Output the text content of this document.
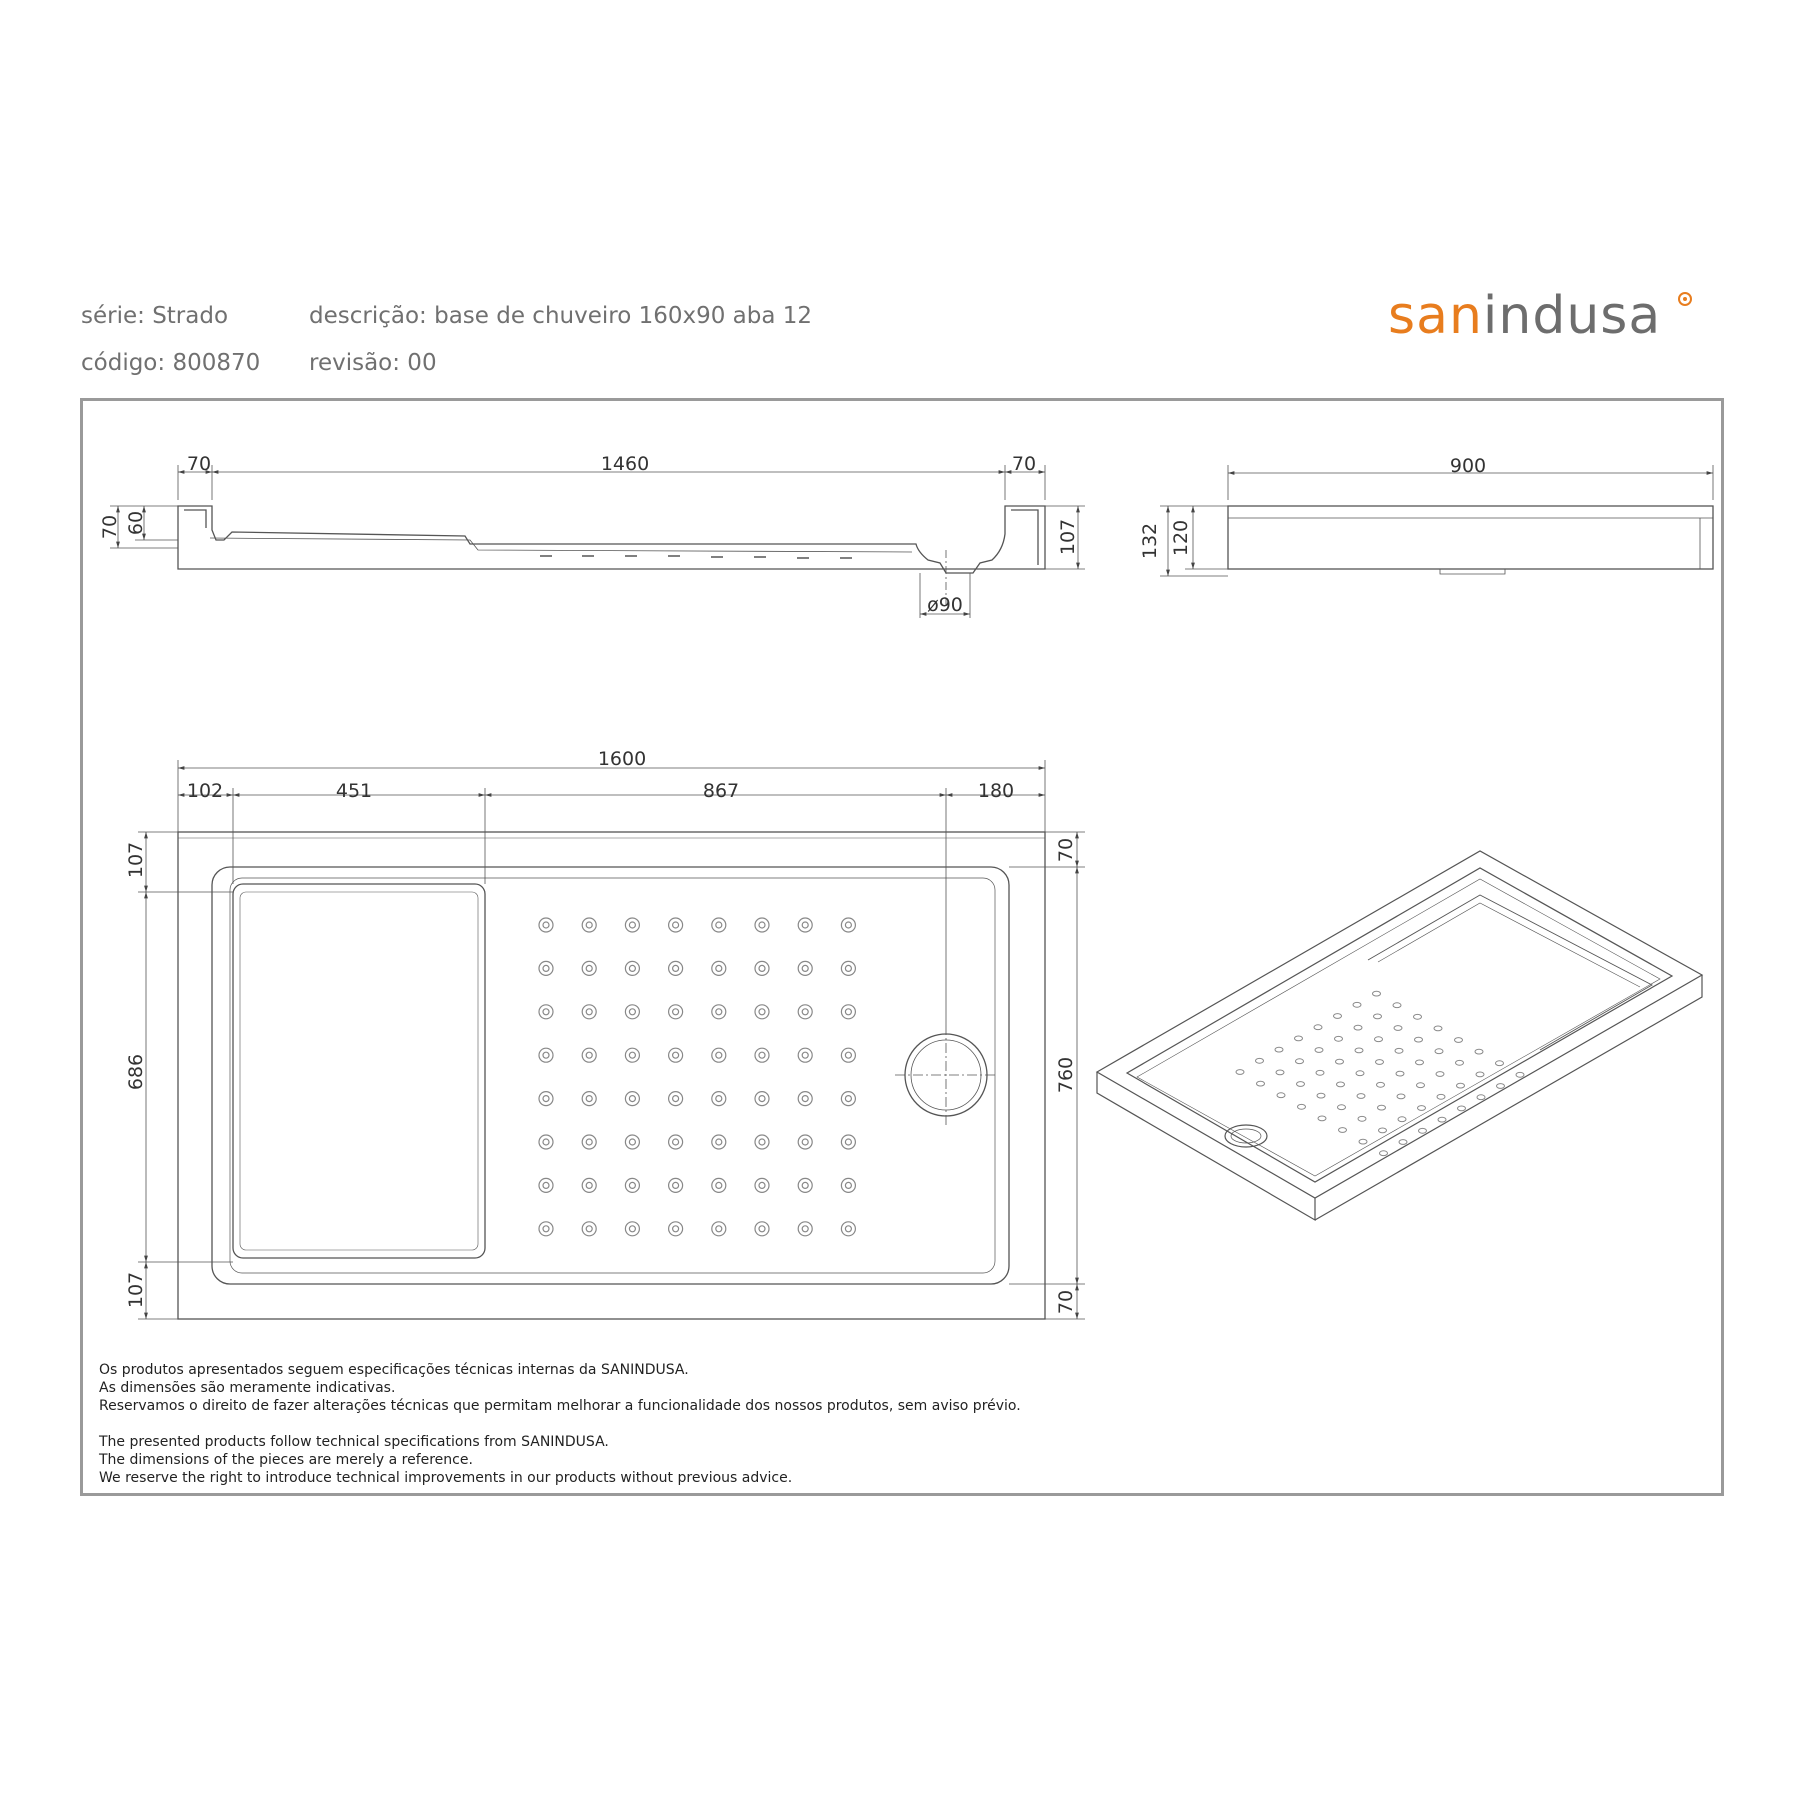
série: Strado	descrição: base de chuveiro 160x90 aba 12
código: 800870 revisão: 00
sanindusa
70	1460	70
70 60	107
ø90
900
132 120
1600
102	451	867	180
107
686
107
70
760
70
Os produtos apresentados seguem especificações técnicas internas da SANINDUSA.
As dimensões são meramente indicativas.
Reservamos o direito de fazer alterações técnicas que permitam melhorar a funcionalidade dos nossos produtos, sem aviso prévio.
The presented products follow technical specifications from SANINDUSA.
The dimensions of the pieces are merely a reference.
We reserve the right to introduce technical improvements in our products without previous advice.
